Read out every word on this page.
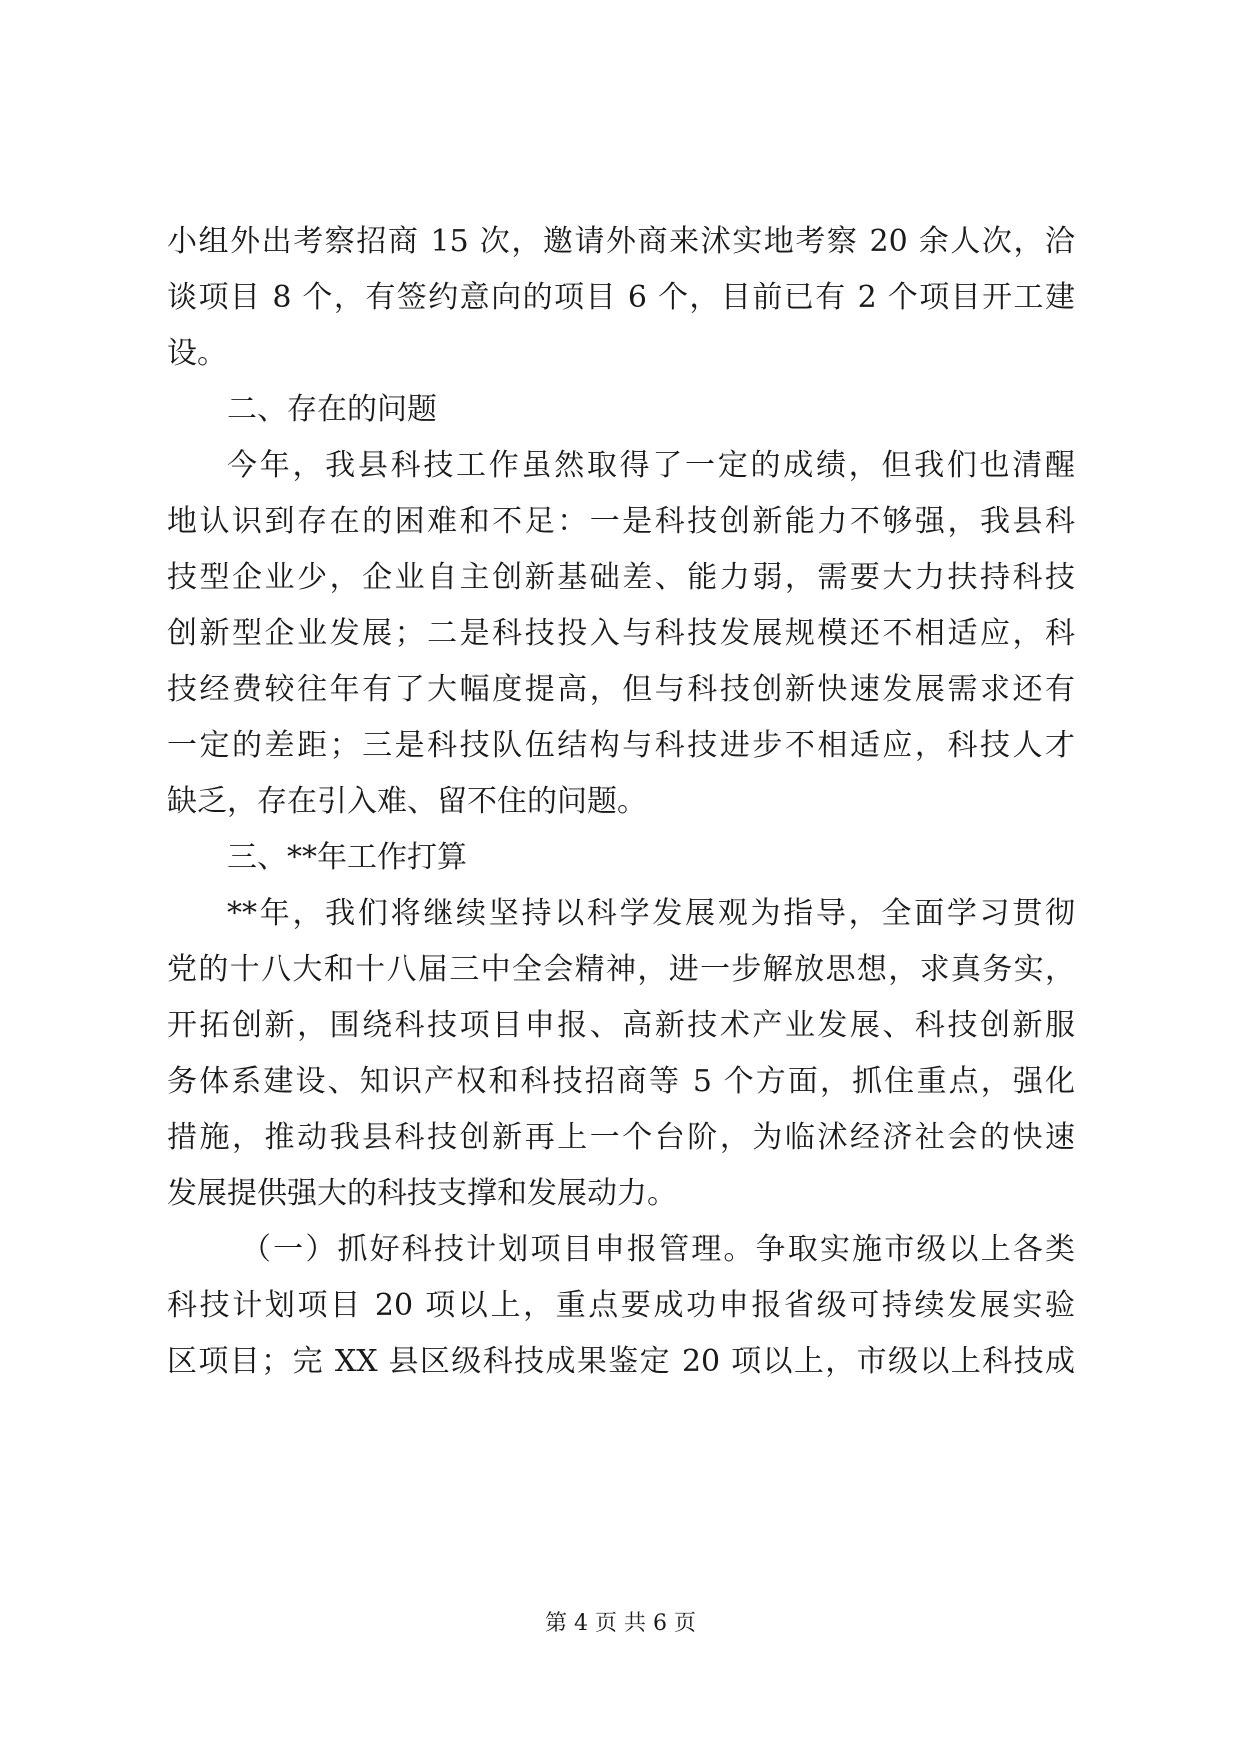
小组外出考察招商 15 次，邀请外商来沭实地考察 20 余人次，洽
谈项目 8 个，有签约意向的项目 6 个，目前已有 2 个项目开工建
设。
二、存在的问题
今年，我县科技工作虽然取得了一定的成绩，但我们也清醒
地认识到存在的困难和不足：一是科技创新能力不够强，我县科
技型企业少，企业自主创新基础差、能力弱，需要大力扶持科技
创新型企业发展；二是科技投入与科技发展规模还不相适应，科
技经费较往年有了大幅度提高，但与科技创新快速发展需求还有
一定的差距；三是科技队伍结构与科技进步不相适应，科技人才
缺乏，存在引入难、留不住的问题。
三、**年工作打算
**年，我们将继续坚持以科学发展观为指导，全面学习贯彻
党的十八大和十八届三中全会精神，进一步解放思想，求真务实，
开拓创新，围绕科技项目申报、高新技术产业发展、科技创新服
务体系建设、知识产权和科技招商等 5 个方面，抓住重点，强化
措施，推动我县科技创新再上一个台阶，为临沭经济社会的快速
发展提供强大的科技支撑和发展动力。
（一）抓好科技计划项目申报管理。争取实施市级以上各类
科技计划项目 20 项以上，重点要成功申报省级可持续发展实验
区项目；完 XX 县区级科技成果鉴定 20 项以上，市级以上科技成
第 4 页 共 6 页
